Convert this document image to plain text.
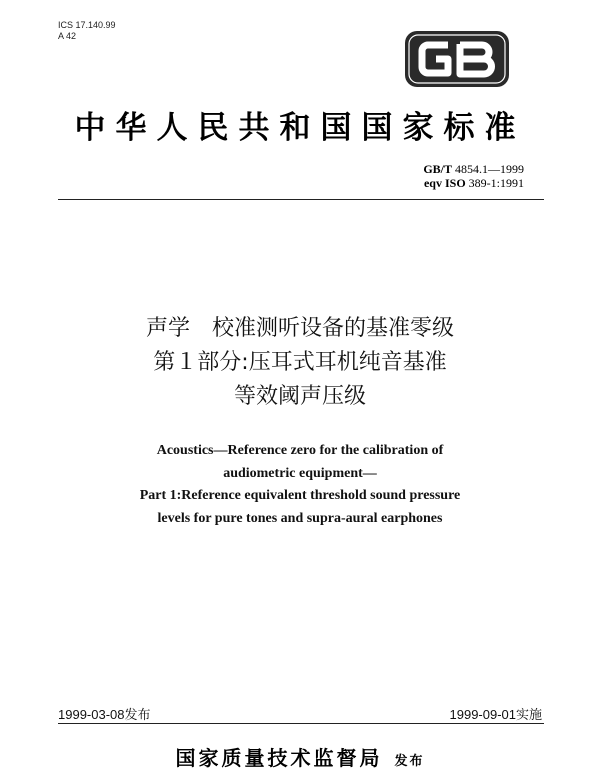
ICS 17.140.99
A 42
中华人民共和国国家标准
GB/T 4854.1—1999
eqv ISO 389-1:1991
声学　校准测听设备的基准零级
第１部分:压耳式耳机纯音基准
等效阈声压级
Acoustics—Reference zero for the calibration of
audiometric equipment—
Part 1:Reference equivalent threshold sound pressure
levels for pure tones and supra-aural earphones
1999-03-08发布	1999-09-01实施
国家质量技术监督局 发布
